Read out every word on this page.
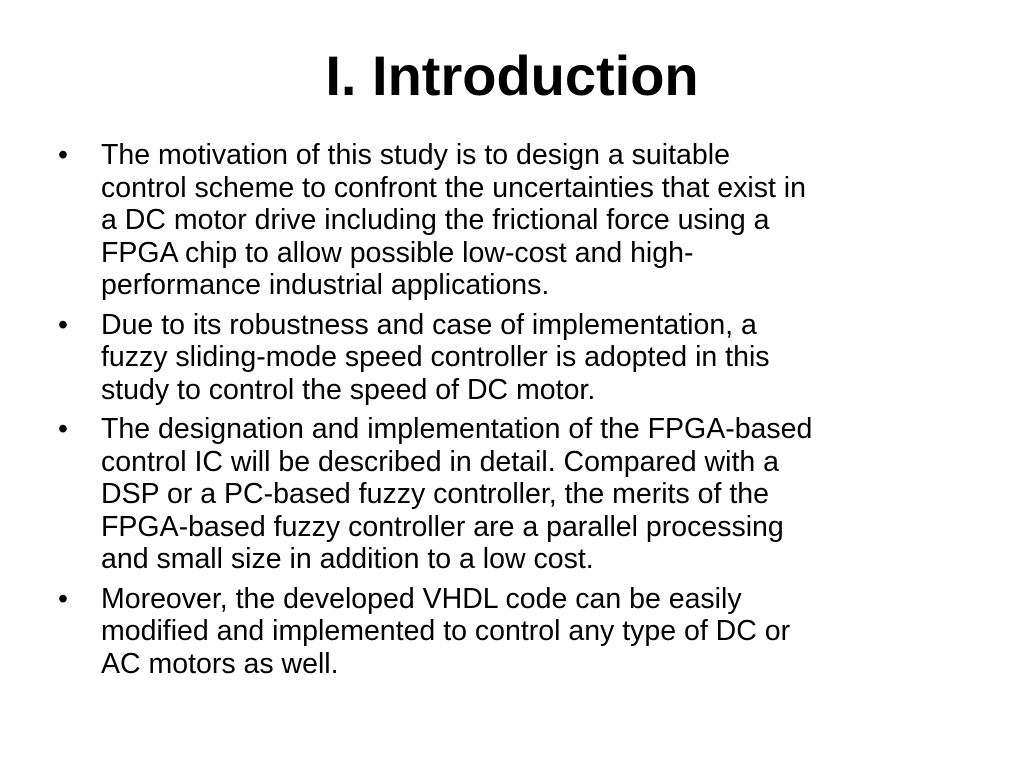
I. Introduction
•	The motivation of this study is to design a suitable
control scheme to confront the uncertainties that exist in
a DC motor drive including the frictional force using a
FPGA chip to allow possible low-cost and high-
performance industrial applications.
•	Due to its robustness and case of implementation, a
fuzzy sliding-mode speed controller is adopted in this
study to control the speed of DC motor.
•	The designation and implementation of the FPGA-based
control IC will be described in detail. Compared with a
DSP or a PC-based fuzzy controller, the merits of the
FPGA-based fuzzy controller are a parallel processing
and small size in addition to a low cost.
•	Moreover, the developed VHDL code can be easily
modified and implemented to control any type of DC or
AC motors as well.
